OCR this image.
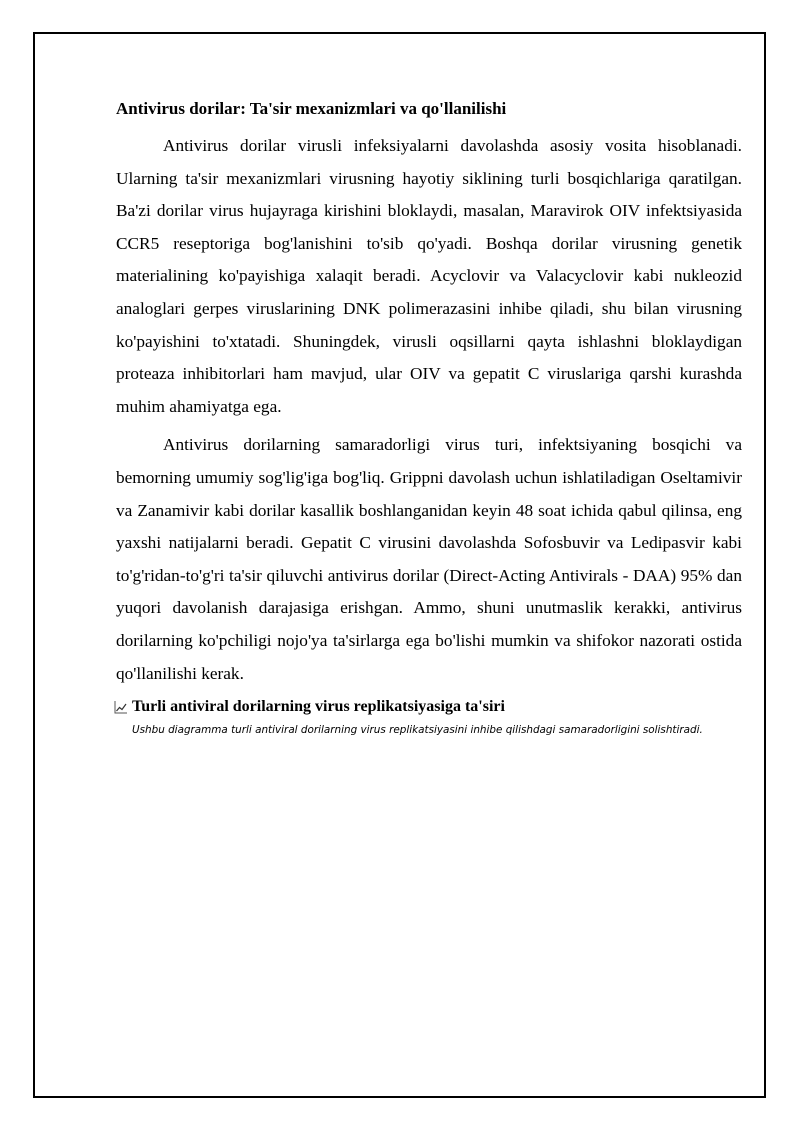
Antivirus dorilar: Ta'sir mexanizmlari va qo'llanilishi

Antivirus dorilar virusli infeksiyalarni davolashda asosiy vosita hisoblanadi. Ularning ta'sir mexanizmlari virusning hayotiy siklining turli bosqichlariga qaratilgan. Ba'zi dorilar virus hujayraga kirishini bloklaydi, masalan, Maravirok OIV infektsiyasida CCR5 reseptoriga bog'lanishini to'sib qo'yadi. Boshqa dorilar virusning genetik materialining ko'payishiga xalaqit beradi. Acyclovir va Valacyclovir kabi nukleozid analoglari gerpes viruslarining DNK polimerazasini inhibe qiladi, shu bilan virusning ko'payishini to'xtatadi. Shuningdek, virusli oqsillarni qayta ishlashni bloklaydigan proteaza inhibitorlari ham mavjud, ular OIV va gepatit C viruslariga qarshi kurashda muhim ahamiyatga ega.

Antivirus dorilarning samaradorligi virus turi, infektsiyaning bosqichi va bemorning umumiy sog'lig'iga bog'liq. Grippni davolash uchun ishlatiladigan Oseltamivir va Zanamivir kabi dorilar kasallik boshlanganidan keyin 48 soat ichida qabul qilinsa, eng yaxshi natijalarni beradi. Gepatit C virusini davolashda Sofosbuvir va Ledipasvir kabi to'g'ridan-to'g'ri ta'sir qiluvchi antivirus dorilar (Direct-Acting Antivirals - DAA) 95% dan yuqori davolanish darajasiga erishgan. Ammo, shuni unutmaslik kerakki, antivirus dorilarning ko'pchiligi nojo'ya ta'sirlarga ega bo'lishi mumkin va shifokor nazorati ostida qo'llanilishi kerak.

Turli antiviral dorilarning virus replikatsiyasiga ta'siri
Ushbu diagramma turli antiviral dorilarning virus replikatsiyasini inhibe qilishdagi samaradorligini solishtiradi.
